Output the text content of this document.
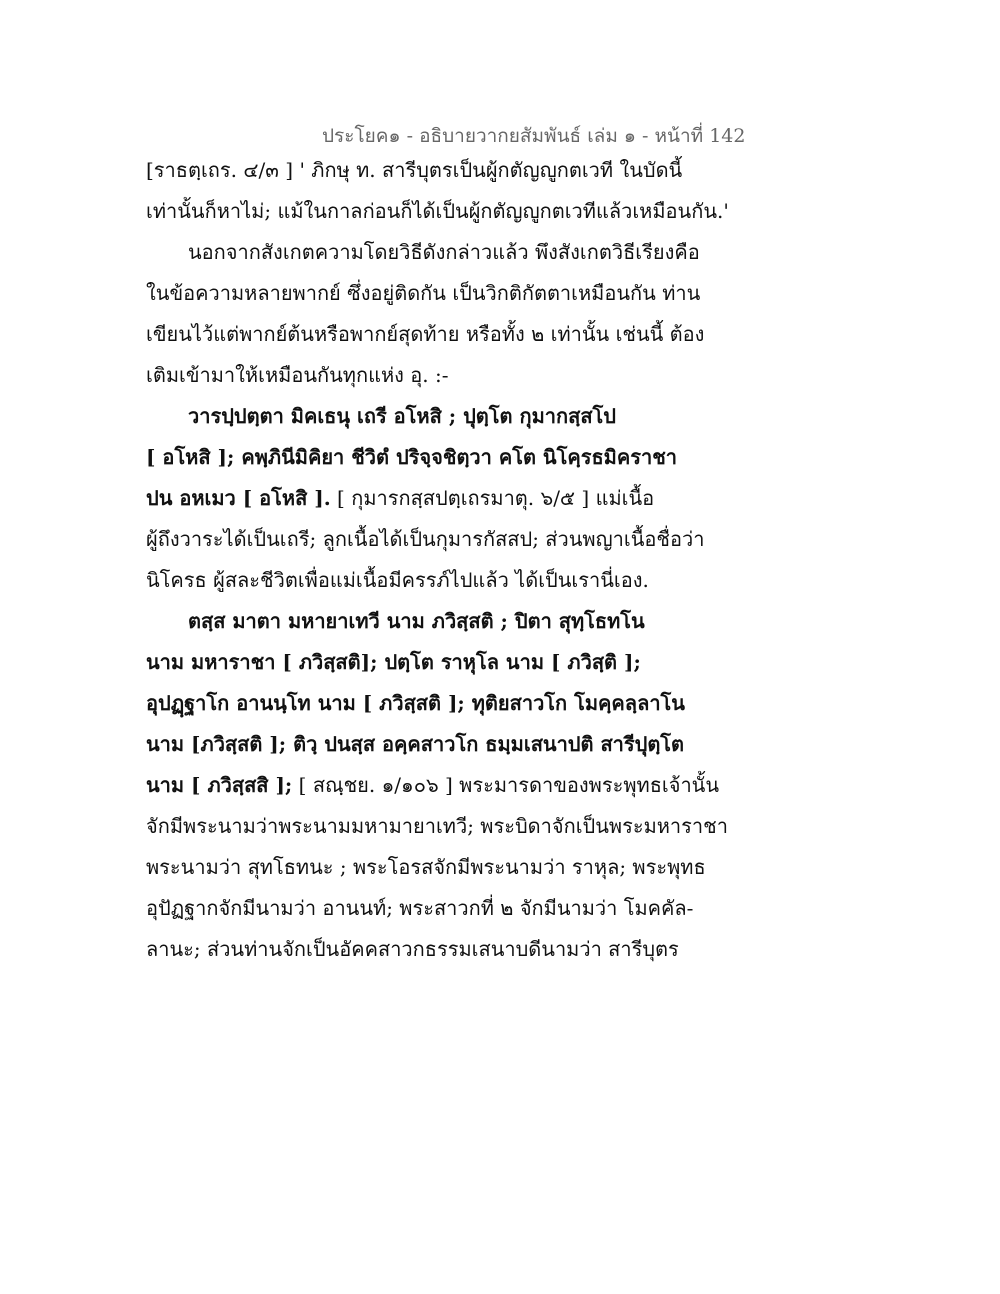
ประโยค๑ - อธิบายวากยสัมพันธ์ เล่ม ๑ - หน้าที่ 142
[ราธตฺเถร. ๔/๓ ] ' ภิกษุ ท. สารีบุตรเป็นผู้กตัญญูกตเวที ในบัดนี้
เท่านั้นก็หาไม่; แม้ในกาลก่อนก็ได้เป็นผู้กตัญญูกตเวทีแล้วเหมือนกัน.'
นอกจากสังเกตความโดยวิธีดังกล่าวแล้ว พึงสังเกตวิธีเรียงคือ
ในข้อความหลายพากย์ ซึ่งอยู่ติดกัน เป็นวิกติกัตตาเหมือนกัน ท่าน
เขียนไว้แต่พากย์ต้นหรือพากย์สุดท้าย หรือทั้ง ๒ เท่านั้น เช่นนี้ ต้อง
เติมเข้ามาให้เหมือนกันทุกแห่ง อุ. :-
วารปฺปตฺตา มิคเธนุ เถรี อโหสิ ; ปุตฺโต กุมากสฺสโป
[ อโหสิ ]; คพฺภินีมิคิยา ชีวิตํ ปริจฺจชิตฺวา คโต นิโคฺรธมิคราชา
ปน อหเมว [ อโหสิ ]. [ กุมารกสฺสปตฺเถรมาตุ. ๖/๕ ] แม่เนื้อ
ผู้ถึงวาระได้เป็นเถรี; ลูกเนื้อได้เป็นกุมารกัสสป; ส่วนพญาเนื้อชื่อว่า
นิโครธ ผู้สละชีวิตเพื่อแม่เนื้อมีครรภ์ไปแล้ว ได้เป็นเรานี่เอง.
ตสฺส มาตา มหายาเทวี นาม ภวิสฺสติ ; ปิตา สุทฺโธทโน
นาม มหาราชา [ ภวิสฺสติ]; ปตฺโต ราหุโล นาม [ ภวิสฺติ ];
อุปฏฺฐาโก อานนฺโท นาม [ ภวิสฺสติ ]; ทุติยสาวโก โมคฺคลฺลาโน
นาม [ภวิสฺสติ ]; ติวฺ ปนสฺส อคฺคสาวโก ธมฺมเสนาปติ สารีปุตฺโต
นาม [ ภวิสฺสสิ ]; [ สณฺชย. ๑/๑๐๖ ] พระมารดาของพระพุทธเจ้านั้น
จักมีพระนามว่าพระนามมหามายาเทวี; พระบิดาจักเป็นพระมหาราชา
พระนามว่า สุทโธทนะ ; พระโอรสจักมีพระนามว่า ราหุล; พระพุทธ
อุปัฏฐากจักมีนามว่า อานนท์; พระสาวกที่ ๒ จักมีนามว่า โมคคัล-
ลานะ; ส่วนท่านจักเป็นอัคคสาวกธรรมเสนาบดีนามว่า สารีบุตร
